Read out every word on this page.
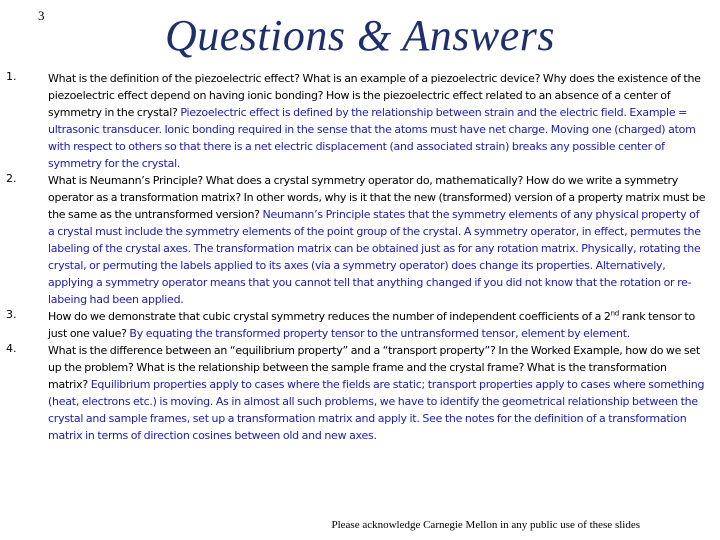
3	Questions & Answers
1.	What is the definition of the piezoelectric effect? What is an example of a piezoelectric device? Why does the existence of the piezoelectric effect depend on having ionic bonding? How is the piezoelectric effect related to an absence of a center of symmetry in the crystal? Piezoelectric effect is defined by the relationship between strain and the electric field. Example = ultrasonic transducer. Ionic bonding required in the sense that the atoms must have net charge. Moving one (charged) atom with respect to others so that there is a net electric displacement (and associated strain) breaks any possible center of symmetry for the crystal.
2.	What is Neumann’s Principle? What does a crystal symmetry operator do, mathematically? How do we write a symmetry operator as a transformation matrix? In other words, why is it that the new (transformed) version of a property matrix must be the same as the untransformed version? Neumann’s Principle states that the symmetry elements of any physical property of a crystal must include the symmetry elements of the point group of the crystal. A symmetry operator, in effect, permutes the labeling of the crystal axes. The transformation matrix can be obtained just as for any rotation matrix. Physically, rotating the crystal, or permuting the labels applied to its axes (via a symmetry operator) does change its properties. Alternatively, applying a symmetry operator means that you cannot tell that anything changed if you did not know that the rotation or re-labeing had been applied.
3.	How do we demonstrate that cubic crystal symmetry reduces the number of independent coefficients of a 2nd rank tensor to just one value? By equating the transformed property tensor to the untransformed tensor, element by element.
4.	What is the difference between an “equilibrium property” and a “transport property”? In the Worked Example, how do we set up the problem? What is the relationship between the sample frame and the crystal frame? What is the transformation matrix? Equilibrium properties apply to cases where the fields are static; transport properties apply to cases where something (heat, electrons etc.) is moving. As in almost all such problems, we have to identify the geometrical relationship between the crystal and sample frames, set up a transformation matrix and apply it. See the notes for the definition of a transformation matrix in terms of direction cosines between old and new axes.
Please acknowledge Carnegie Mellon in any public use of these slides
